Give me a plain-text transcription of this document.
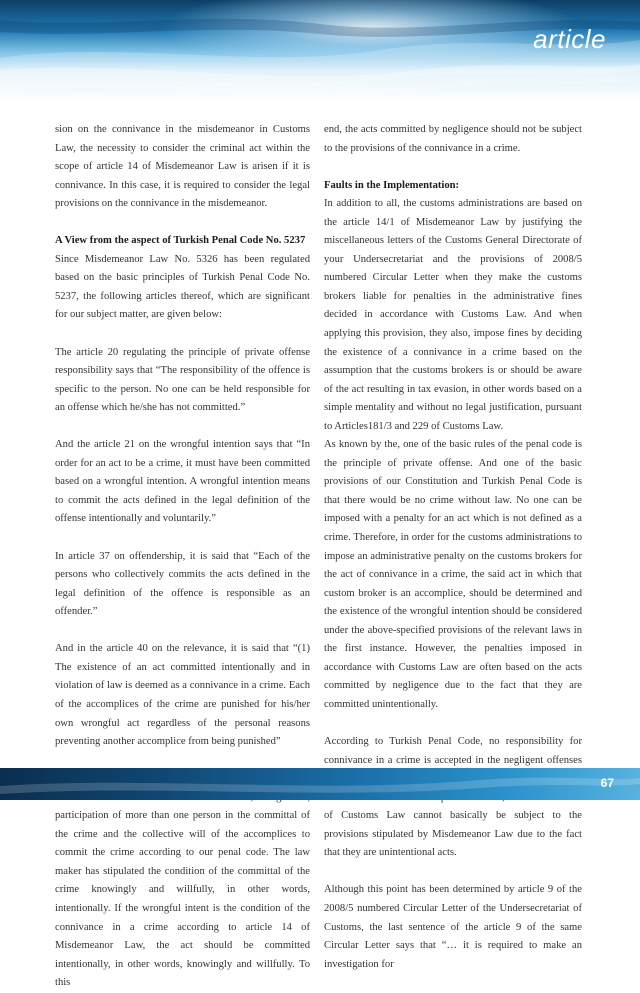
article

sion on the connivance in the misdemeanor in Customs Law, the necessity to consider the criminal act within the scope of article 14 of Misdemeanor Law is arisen if it is connivance. In this case, it is required to consider the legal provisions on the connivance in the misdemeanor.

A View from the aspect of Turkish Penal Code No. 5237

Since Misdemeanor Law No. 5326 has been regulated based on the basic principles of Turkish Penal Code No. 5237, the following articles thereof, which are significant for our subject matter, are given below:

The article 20 regulating the principle of private offense responsibility says that “The responsibility of the offence is specific to the person. No one can be held responsible for an offense which he/she has not committed.”

And the article 21 on the wrongful intention says that “In order for an act to be a crime, it must have been committed based on a wrongful intention. A wrongful intention means to commit the acts defined in the legal definition of the offense intentionally and voluntarily.”

In article 37 on offendership, it is said that “Each of the persons who collectively commits the acts defined in the legal definition of the offence is responsible as an offender.”

And in the article 40 on the relevance, it is said that “(1) The existence of an act committed intentionally and in violation of law is deemed as a connivance in a crime. Each of the accomplices of the crime are punished for his/her own wrongful act regardless of the personal reasons preventing another accomplice from being punished”

participation of more than one person in the committal of the crime and the collective will of the accomplices to commit the crime according to our penal code. The law maker has stipulated the condition of the committal of the crime knowingly and willfully, in other words, intentionally. If the wrongful intent is the condition of the connivance in a crime according to article 14 of Misdemeanor Law, the act should be committed intentionally, in other words, knowingly and willfully. To this

end, the acts committed by negligence should not be subject to the provisions of the connivance in a crime.

Faults in the Implementation:

In addition to all, the customs administrations are based on the article 14/1 of Misdemeanor Law by justifying the miscellaneous letters of the Customs General Directorate of your Undersecretariat and the provisions of 2008/5 numbered Circular Letter when they make the customs brokers liable for penalties in the administrative fines decided in accordance with Customs Law. And when applying this provision, they also, impose fines by deciding the existence of a connivance in a crime based on the assumption that the customs brokers is or should be aware of the act resulting in tax evasion, in other words based on a simple mentality and without no legal justification, pursuant to Articles181/3 and 229 of Customs Law.

As known by the, one of the basic rules of the penal code is the principle of private offense. And one of the basic provisions of our Constitution and Turkish Penal Code is that there would be no crime without law. No one can be imposed with a penalty for an act which is not defined as a crime. Therefore, in order for the customs administrations to impose an administrative penalty on the customs brokers for the act of connivance in a crime, the said act in which that custom broker is an accomplice, should be determined and the existence of the wrongful intention should be considered under the above-specified provisions of the relevant laws in the first instance. However, the penalties imposed in accordance with Customs Law are often based on the acts committed by negligence due to the fact that they are committed unintentionally.

According to Turkish Penal Code, no responsibility for connivance in a crime is accepted in the negligent offenses of Customs Law cannot basically be subject to the provisions stipulated by Misdemeanor Law due to the fact that they are unintentional acts.

Although this point has been determined by article 9 of the 2008/5 numbered Circular Letter of the Undersecretariat of Customs, the last sentence of the article 9 of the same Circular Letter says that “… it is required to make an investigation for

67
